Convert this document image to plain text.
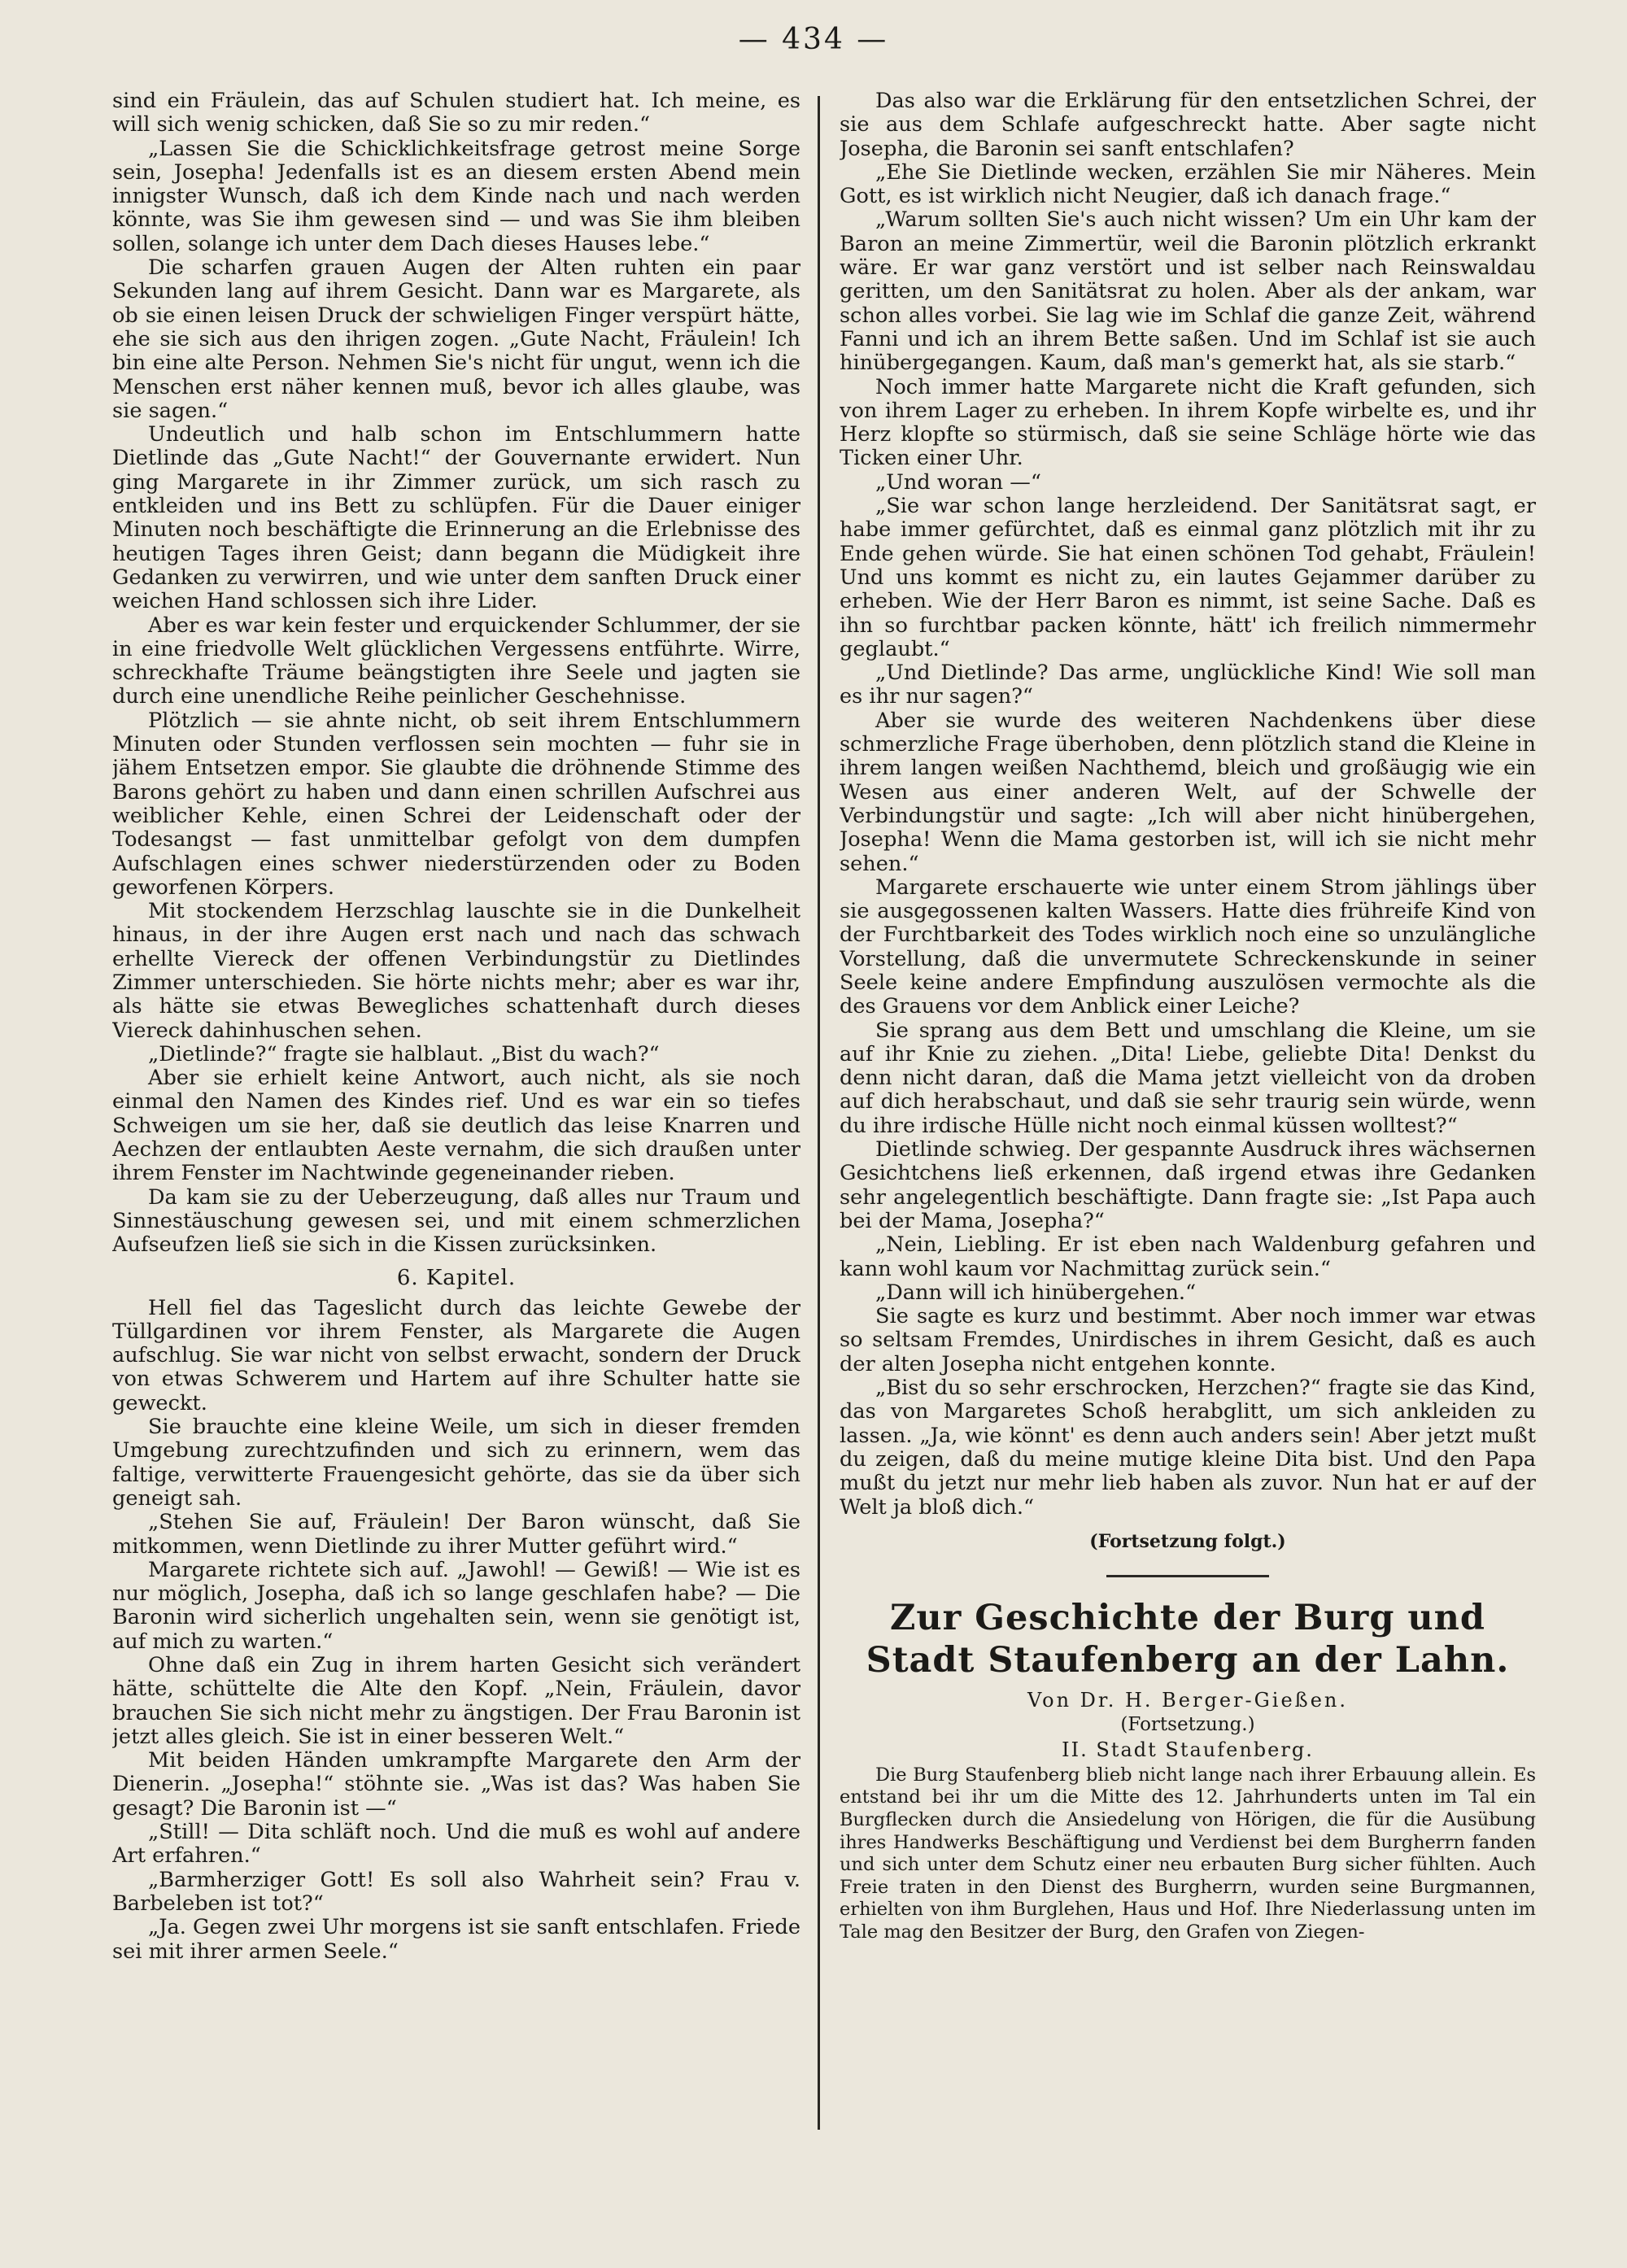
— 434 —

sind ein Fräulein, das auf Schulen studiert hat. Ich meine, es will sich wenig schicken, daß Sie so zu mir reden.“

„Lassen Sie die Schicklichkeitsfrage getrost meine Sorge sein, Josepha! Jedenfalls ist es an diesem ersten Abend mein innigster Wunsch, daß ich dem Kinde nach und nach werden könnte, was Sie ihm gewesen sind — und was Sie ihm bleiben sollen, solange ich unter dem Dach dieses Hauses lebe.“

Die scharfen grauen Augen der Alten ruhten ein paar Sekunden lang auf ihrem Gesicht. Dann war es Margarete, als ob sie einen leisen Druck der schwieligen Finger verspürt hätte, ehe sie sich aus den ihrigen zogen. „Gute Nacht, Fräulein! Ich bin eine alte Person. Nehmen Sie's nicht für ungut, wenn ich die Menschen erst näher kennen muß, bevor ich alles glaube, was sie sagen.“

Undeutlich und halb schon im Entschlummern hatte Dietlinde das „Gute Nacht!“ der Gouvernante erwidert. Nun ging Margarete in ihr Zimmer zurück, um sich rasch zu entkleiden und ins Bett zu schlüpfen. Für die Dauer einiger Minuten noch beschäftigte die Erinnerung an die Erlebnisse des heutigen Tages ihren Geist; dann begann die Müdigkeit ihre Gedanken zu verwirren, und wie unter dem sanften Druck einer weichen Hand schlossen sich ihre Lider.

Aber es war kein fester und erquickender Schlummer, der sie in eine friedvolle Welt glücklichen Vergessens entführte. Wirre, schreckhafte Träume beängstigten ihre Seele und jagten sie durch eine unendliche Reihe peinlicher Geschehnisse.

Plötzlich — sie ahnte nicht, ob seit ihrem Entschlummern Minuten oder Stunden verflossen sein mochten — fuhr sie in jähem Entsetzen empor. Sie glaubte die dröhnende Stimme des Barons gehört zu haben und dann einen schrillen Aufschrei aus weiblicher Kehle, einen Schrei der Leidenschaft oder der Todesangst — fast unmittelbar gefolgt von dem dumpfen Aufschlagen eines schwer niederstürzenden oder zu Boden geworfenen Körpers.

Mit stockendem Herzschlag lauschte sie in die Dunkelheit hinaus, in der ihre Augen erst nach und nach das schwach erhellte Viereck der offenen Verbindungstür zu Dietlindes Zimmer unterschieden. Sie hörte nichts mehr; aber es war ihr, als hätte sie etwas Bewegliches schattenhaft durch dieses Viereck dahinhuschen sehen.

„Dietlinde?“ fragte sie halblaut. „Bist du wach?“

Aber sie erhielt keine Antwort, auch nicht, als sie noch einmal den Namen des Kindes rief. Und es war ein so tiefes Schweigen um sie her, daß sie deutlich das leise Knarren und Aechzen der entlaubten Aeste vernahm, die sich draußen unter ihrem Fenster im Nachtwinde gegeneinander rieben.

Da kam sie zu der Ueberzeugung, daß alles nur Traum und Sinnestäuschung gewesen sei, und mit einem schmerzlichen Aufseufzen ließ sie sich in die Kissen zurücksinken.

6. Kapitel.

Hell fiel das Tageslicht durch das leichte Gewebe der Tüllgardinen vor ihrem Fenster, als Margarete die Augen aufschlug. Sie war nicht von selbst erwacht, sondern der Druck von etwas Schwerem und Hartem auf ihre Schulter hatte sie geweckt.

Sie brauchte eine kleine Weile, um sich in dieser fremden Umgebung zurechtzufinden und sich zu erinnern, wem das faltige, verwitterte Frauengesicht gehörte, das sie da über sich geneigt sah.

„Stehen Sie auf, Fräulein! Der Baron wünscht, daß Sie mitkommen, wenn Dietlinde zu ihrer Mutter geführt wird.“

Margarete richtete sich auf. „Jawohl! — Gewiß! — Wie ist es nur möglich, Josepha, daß ich so lange geschlafen habe? — Die Baronin wird sicherlich ungehalten sein, wenn sie genötigt ist, auf mich zu warten.“

Ohne daß ein Zug in ihrem harten Gesicht sich verändert hätte, schüttelte die Alte den Kopf. „Nein, Fräulein, davor brauchen Sie sich nicht mehr zu ängstigen. Der Frau Baronin ist jetzt alles gleich. Sie ist in einer besseren Welt.“

Mit beiden Händen umkrampfte Margarete den Arm der Dienerin. „Josepha!“ stöhnte sie. „Was ist das? Was haben Sie gesagt? Die Baronin ist —“

„Still! — Dita schläft noch. Und die muß es wohl auf andere Art erfahren.“

„Barmherziger Gott! Es soll also Wahrheit sein? Frau v. Barbeleben ist tot?“

„Ja. Gegen zwei Uhr morgens ist sie sanft entschlafen. Friede sei mit ihrer armen Seele.“

Das also war die Erklärung für den entsetzlichen Schrei, der sie aus dem Schlafe aufgeschreckt hatte. Aber sagte nicht Josepha, die Baronin sei sanft entschlafen?

„Ehe Sie Dietlinde wecken, erzählen Sie mir Näheres. Mein Gott, es ist wirklich nicht Neugier, daß ich danach frage.“

„Warum sollten Sie's auch nicht wissen? Um ein Uhr kam der Baron an meine Zimmertür, weil die Baronin plötzlich erkrankt wäre. Er war ganz verstört und ist selber nach Reinswaldau geritten, um den Sanitätsrat zu holen. Aber als der ankam, war schon alles vorbei. Sie lag wie im Schlaf die ganze Zeit, während Fanni und ich an ihrem Bette saßen. Und im Schlaf ist sie auch hinübergegangen. Kaum, daß man's gemerkt hat, als sie starb.“

Noch immer hatte Margarete nicht die Kraft gefunden, sich von ihrem Lager zu erheben. In ihrem Kopfe wirbelte es, und ihr Herz klopfte so stürmisch, daß sie seine Schläge hörte wie das Ticken einer Uhr.

„Und woran —“

„Sie war schon lange herzleidend. Der Sanitätsrat sagt, er habe immer gefürchtet, daß es einmal ganz plötzlich mit ihr zu Ende gehen würde. Sie hat einen schönen Tod gehabt, Fräulein! Und uns kommt es nicht zu, ein lautes Gejammer darüber zu erheben. Wie der Herr Baron es nimmt, ist seine Sache. Daß es ihn so furchtbar packen könnte, hätt' ich freilich nimmermehr geglaubt.“

„Und Dietlinde? Das arme, unglückliche Kind! Wie soll man es ihr nur sagen?“

Aber sie wurde des weiteren Nachdenkens über diese schmerzliche Frage überhoben, denn plötzlich stand die Kleine in ihrem langen weißen Nachthemd, bleich und großäugig wie ein Wesen aus einer anderen Welt, auf der Schwelle der Verbindungstür und sagte: „Ich will aber nicht hinübergehen, Josepha! Wenn die Mama gestorben ist, will ich sie nicht mehr sehen.“

Margarete erschauerte wie unter einem Strom jählings über sie ausgegossenen kalten Wassers. Hatte dies frühreife Kind von der Furchtbarkeit des Todes wirklich noch eine so unzulängliche Vorstellung, daß die unvermutete Schreckenskunde in seiner Seele keine andere Empfindung auszulösen vermochte als die des Grauens vor dem Anblick einer Leiche?

Sie sprang aus dem Bett und umschlang die Kleine, um sie auf ihr Knie zu ziehen. „Dita! Liebe, geliebte Dita! Denkst du denn nicht daran, daß die Mama jetzt vielleicht von da droben auf dich herabschaut, und daß sie sehr traurig sein würde, wenn du ihre irdische Hülle nicht noch einmal küssen wolltest?“

Dietlinde schwieg. Der gespannte Ausdruck ihres wächsernen Gesichtchens ließ erkennen, daß irgend etwas ihre Gedanken sehr angelegentlich beschäftigte. Dann fragte sie: „Ist Papa auch bei der Mama, Josepha?“

„Nein, Liebling. Er ist eben nach Waldenburg gefahren und kann wohl kaum vor Nachmittag zurück sein.“

„Dann will ich hinübergehen.“

Sie sagte es kurz und bestimmt. Aber noch immer war etwas so seltsam Fremdes, Unirdisches in ihrem Gesicht, daß es auch der alten Josepha nicht entgehen konnte.

„Bist du so sehr erschrocken, Herzchen?“ fragte sie das Kind, das von Margaretes Schoß herabglitt, um sich ankleiden zu lassen. „Ja, wie könnt' es denn auch anders sein! Aber jetzt mußt du zeigen, daß du meine mutige kleine Dita bist. Und den Papa mußt du jetzt nur mehr lieb haben als zuvor. Nun hat er auf der Welt ja bloß dich.“

(Fortsetzung folgt.)
Zur Geschichte der Burg und Stadt Staufenberg an der Lahn.
Von Dr. H. Berger-Gießen.
(Fortsetzung.)
II. Stadt Staufenberg.

Die Burg Staufenberg blieb nicht lange nach ihrer Erbauung allein. Es entstand bei ihr um die Mitte des 12. Jahrhunderts unten im Tal ein Burgflecken durch die Ansiedelung von Hörigen, die für die Ausübung ihres Handwerks Beschäftigung und Verdienst bei dem Burgherrn fanden und sich unter dem Schutz einer neu erbauten Burg sicher fühlten. Auch Freie traten in den Dienst des Burgherrn, wurden seine Burgmannen, erhielten von ihm Burglehen, Haus und Hof. Ihre Niederlassung unten im Tale mag den Besitzer der Burg, den Grafen von Ziegen-
